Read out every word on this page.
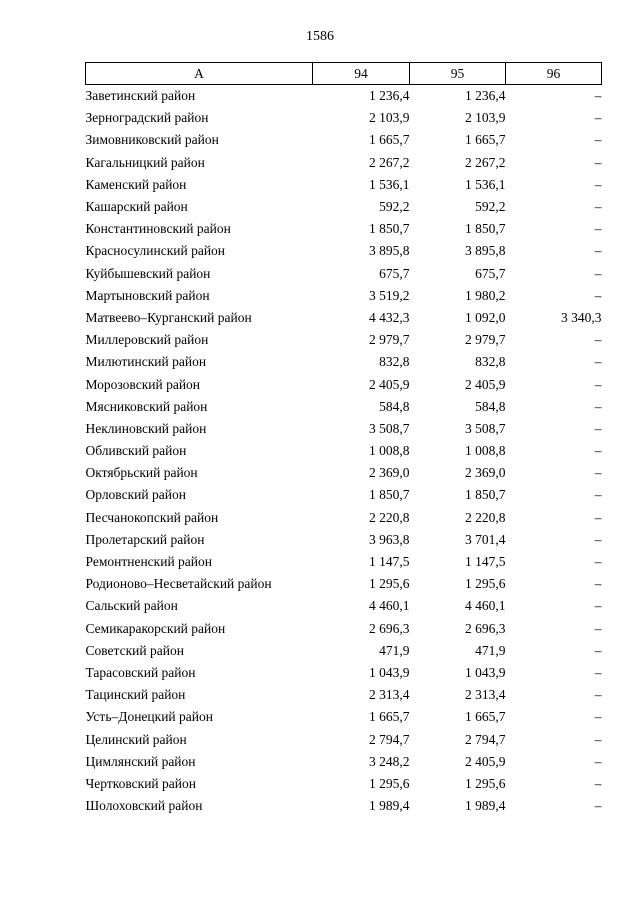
1586
А	94	95	96
Заветинский район	1 236,4	1 236,4	–
Зерноградский район	2 103,9	2 103,9	–
Зимовниковский район	1 665,7	1 665,7	–
Кагальницкий район	2 267,2	2 267,2	–
Каменский район	1 536,1	1 536,1	–
Кашарский район	592,2	592,2	–
Константиновский район	1 850,7	1 850,7	–
Красносулинский район	3 895,8	3 895,8	–
Куйбышевский район	675,7	675,7	–
Мартыновский район	3 519,2	1 980,2	–
Матвеево–Курганский район	4 432,3	1 092,0	3 340,3
Миллеровский район	2 979,7	2 979,7	–
Милютинский район	832,8	832,8	–
Морозовский район	2 405,9	2 405,9	–
Мясниковский район	584,8	584,8	–
Неклиновский район	3 508,7	3 508,7	–
Обливский район	1 008,8	1 008,8	–
Октябрьский район	2 369,0	2 369,0	–
Орловский район	1 850,7	1 850,7	–
Песчанокопский район	2 220,8	2 220,8	–
Пролетарский район	3 963,8	3 701,4	–
Ремонтненский район	1 147,5	1 147,5	–
Родионово–Несветайский район	1 295,6	1 295,6	–
Сальский район	4 460,1	4 460,1	–
Семикаракорский район	2 696,3	2 696,3	–
Советский район	471,9	471,9	–
Тарасовский район	1 043,9	1 043,9	–
Тацинский район	2 313,4	2 313,4	–
Усть–Донецкий район	1 665,7	1 665,7	–
Целинский район	2 794,7	2 794,7	–
Цимлянский район	3 248,2	2 405,9	–
Чертковский район	1 295,6	1 295,6	–
Шолоховский район	1 989,4	1 989,4	–
